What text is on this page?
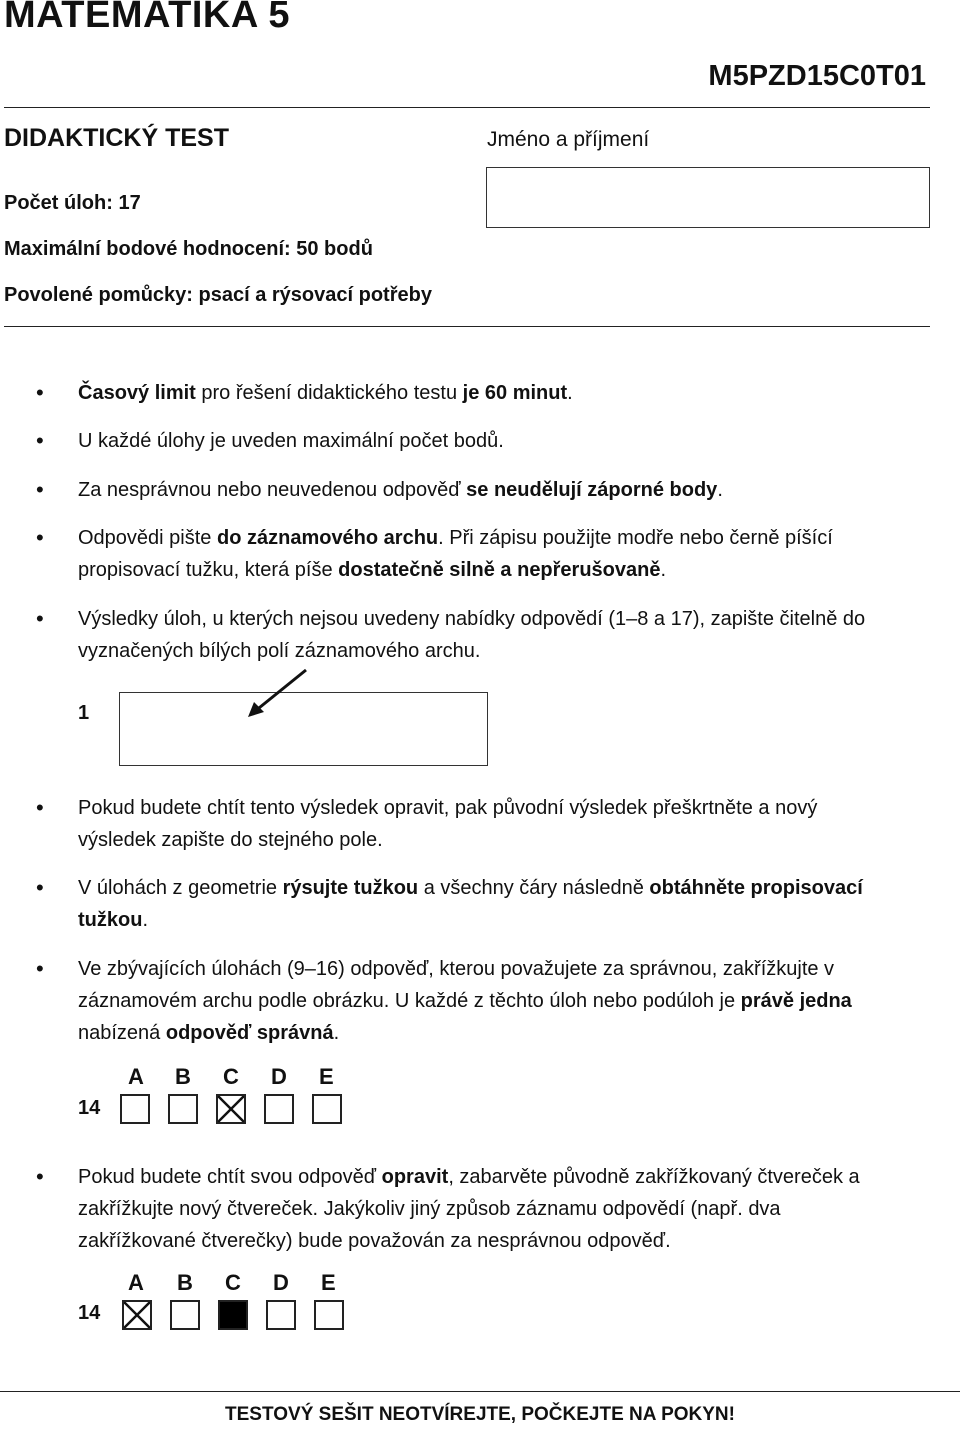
MATEMATIKA 5
M5PZD15C0T01
DIDAKTICKÝ TEST	Jméno a příjmení
Počet úloh: 17
Maximální bodové hodnocení: 50 bodů
Povolené pomůcky: psací a rýsovací potřeby
• Časový limit pro řešení didaktického testu je 60 minut.
• U každé úlohy je uveden maximální počet bodů.
• Za nesprávnou nebo neuvedenou odpověď se neudělují záporné body.
• Odpovědi pište do záznamového archu. Při zápisu použijte modře nebo černě píšící propisovací tužku, která píše dostatečně silně a nepřerušovaně.
• Výsledky úloh, u kterých nejsou uvedeny nabídky odpovědí (1–8 a 17), zapište čitelně do vyznačených bílých polí záznamového archu.
1
• Pokud budete chtít tento výsledek opravit, pak původní výsledek přeškrtněte a nový výsledek zapište do stejného pole.
• V úlohách z geometrie rýsujte tužkou a všechny čáry následně obtáhněte propisovací tužkou.
• Ve zbývajících úlohách (9–16) odpověď, kterou považujete za správnou, zakřížkujte v záznamovém archu podle obrázku. U každé z těchto úloh nebo podúloh je právě jedna nabízená odpověď správná.
A B C D E
14
• Pokud budete chtít svou odpověď opravit, zabarvěte původně zakřížkovaný čtvereček a zakřížkujte nový čtvereček. Jakýkoliv jiný způsob záznamu odpovědí (např. dva zakřížkované čtverečky) bude považován za nesprávnou odpověď.
A B C D E
14
TESTOVÝ SEŠIT NEOTVÍREJTE, POČKEJTE NA POKYN!
